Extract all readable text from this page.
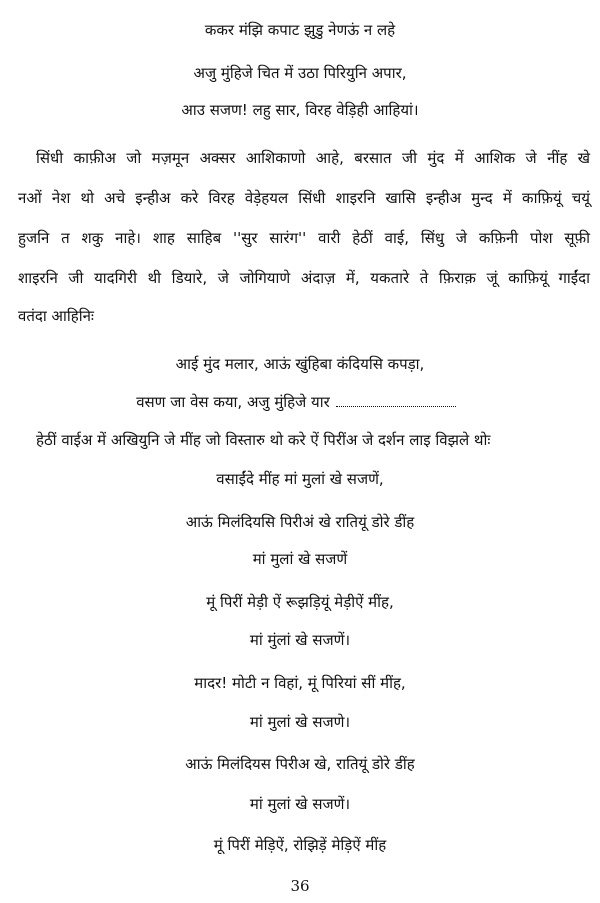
ककर मंझि कपाट झुडु नेणऊं न लहे
अजु मुंहिजे चित में उठा पिरियुनि अपार,
आउ सजण! लहु सार, विरह वेड़िही आहियां।
सिंधी काफ़ीअ जो मज़मून अक्सर आशिकाणो आहे, बरसात जी मुंद में आशिक जे नींह खे
नओं नेश थो अचे इन्हीअ करे विरह वेड़ेहयल सिंधी शाइरनि खासि इन्हीअ मुन्द में काफ़ियूं चयूं
हुजनि त शकु नाहे। शाह साहिब ''सुर सारंग'' वारी हेठीं वाई, सिंधु जे कफ़िनी पोश सूफ़ी
शाइरनि जी यादगिरी थी डियारे, जे जोगियाणे अंदाज़ में, यकतारे ते फ़िराक़ जूं काफ़ियूं गाईंदा
वतंदा आहिनिः
आई मुंद मलार, आऊं खुंहिबा कंदियसि कपड़ा,
वसण जा वेस कया, अजु मुंहिजे यार
हेठीं वाईअ में अखियुनि जे मींह जो विस्तारु थो करे ऐं पिरींअ जे दर्शन लाइ विझले थोः
वसाईंदे मींह मां मुलां खे सजणें,
आऊं मिलंदियसि पिरीअं खे रातियूं डोरे डींह
मां मुलां खे सजणें
मूं पिरीं मेड़ी ऐं रूझड़ियूं मेड़ीऐं मींह,
मां मुंलां खे सजणें।
मादर! मोटी न विहां, मूं पिरियां सीं मींह,
मां मुलां खे सजणे।
आऊं मिलंदियस पिरीअ खे, रातियूं डोरे डींह
मां मुलां खे सजणें।
मूं पिरीं मेड़िऐं, रोझिड़ें मेड़िऐं मींह
36
